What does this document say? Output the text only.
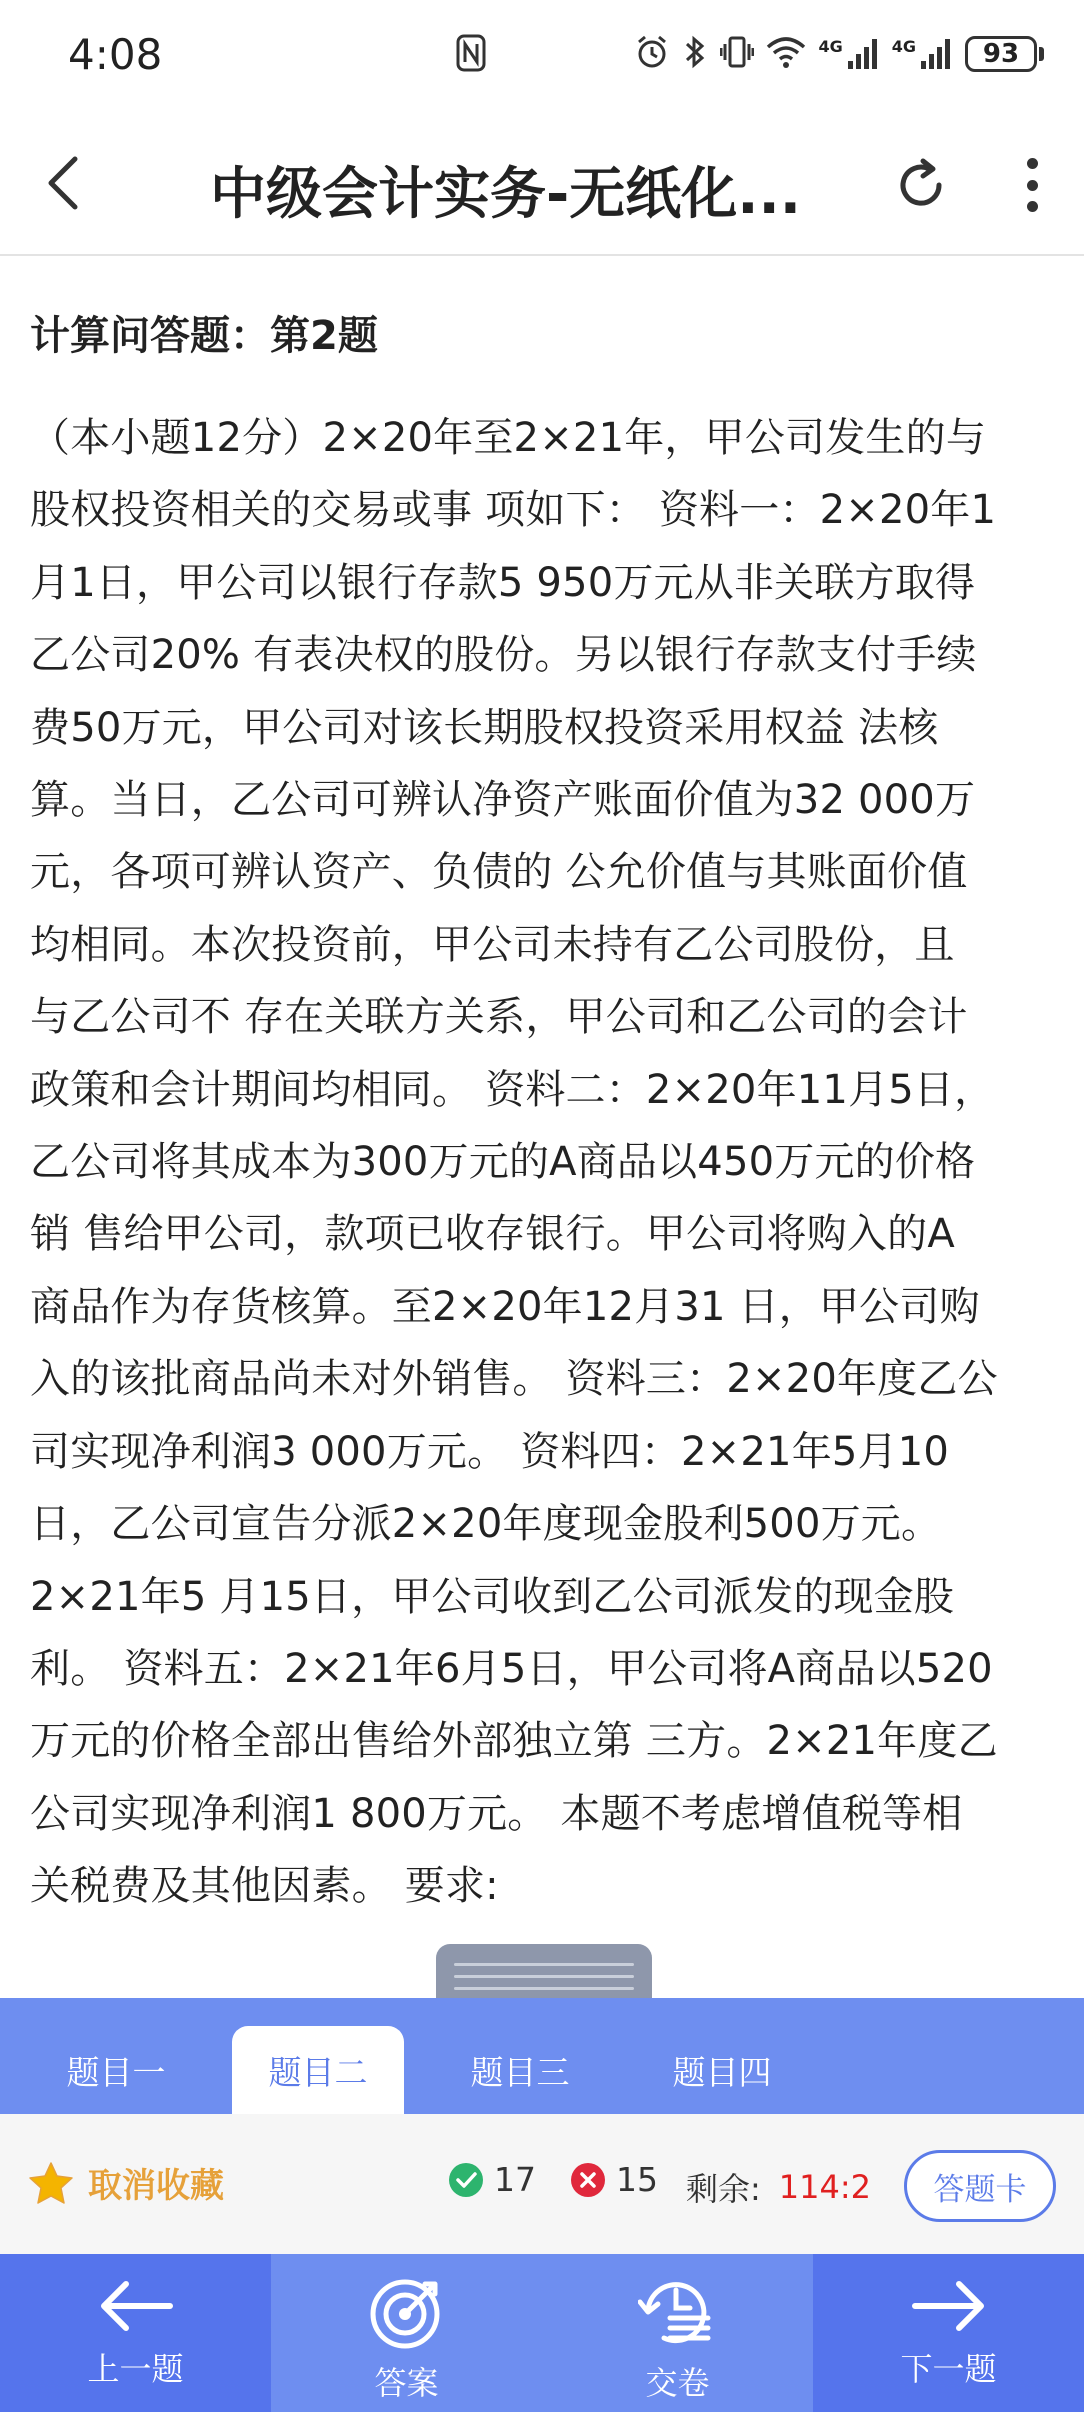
4:08	4G	4G	93
中级会计实务-无纸化...
计算问答题：第2题
（本小题12分）2×20年至2×21年，甲公司发生的与
股权投资相关的交易或事 项如下： 资料一：2×20年1
月1日，甲公司以银行存款5 950万元从非关联方取得
乙公司20% 有表决权的股份。另以银行存款支付手续
费50万元，甲公司对该长期股权投资采用权益 法核
算。当日，乙公司可辨认净资产账面价值为32 000万
元，各项可辨认资产、负债的 公允价值与其账面价值
均相同。本次投资前，甲公司未持有乙公司股份，且
与乙公司不 存在关联方关系，甲公司和乙公司的会计
政策和会计期间均相同。 资料二：2×20年11月5日，
乙公司将其成本为300万元的A商品以450万元的价格
销 售给甲公司，款项已收存银行。甲公司将购入的A
商品作为存货核算。至2×20年12月31 日，甲公司购
入的该批商品尚未对外销售。 资料三：2×20年度乙公
司实现净利润3 000万元。 资料四：2×21年5月10
日，乙公司宣告分派2×20年度现金股利500万元。
2×21年5 月15日，甲公司收到乙公司派发的现金股
利。 资料五：2×21年6月5日，甲公司将A商品以520
万元的价格全部出售给外部独立第 三方。2×21年度乙
公司实现净利润1 800万元。 本题不考虑增值税等相
关税费及其他因素。 要求:
题目一	题目二	题目三	题目四
取消收藏	17 15 剩余: 114:2	答题卡
上一题	答案	交卷	下一题
